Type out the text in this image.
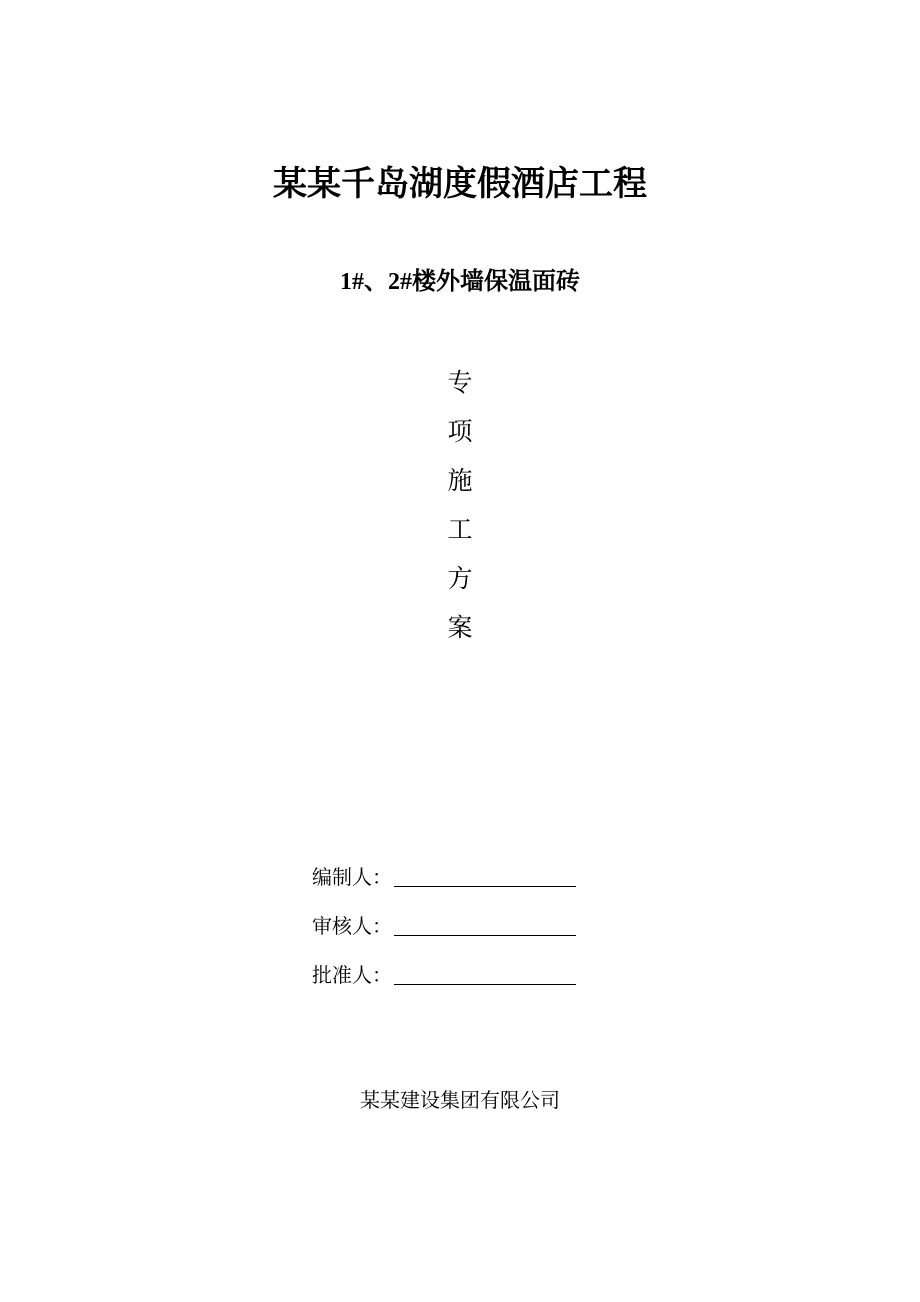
某某千岛湖度假酒店工程
1#、2#楼外墙保温面砖
专
项
施
工
方
案
编制人：
审核人：
批准人：
某某建设集团有限公司
